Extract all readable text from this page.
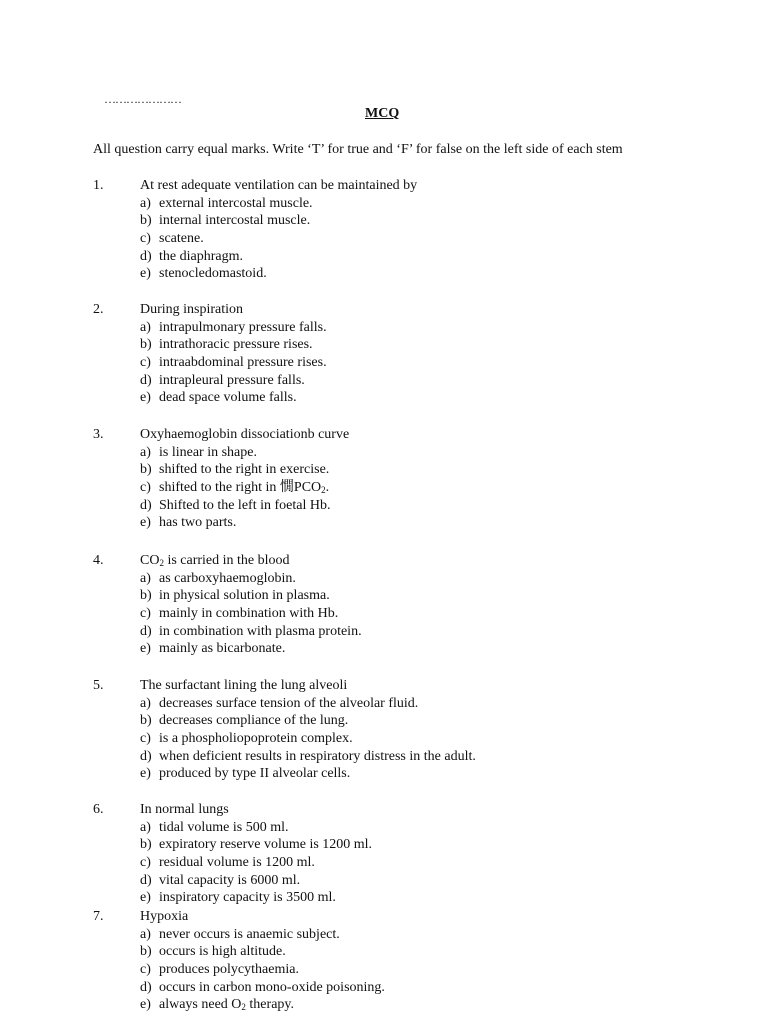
…………………
MCQ
All question carry equal marks. Write ‘T’ for true and ‘F’ for false on the left side of each stem
1.	At rest adequate ventilation can be maintained by
a) external intercostal muscle.
b) internal intercostal muscle.
c) scatene.
d) the diaphragm.
e) stenocledomastoid.
2.	During inspiration
a) intrapulmonary pressure falls.
b) intrathoracic pressure rises.
c) intraabdominal pressure rises.
d) intrapleural pressure falls.
e) dead space volume falls.
3.	Oxyhaemoglobin dissociationb curve
a) is linear in shape.
b) shifted to the right in exercise.
c) shifted to the right in 憪$PCO_2$.
d) Shifted to the left in foetal Hb.
e) has two parts.
4.	$CO_2$ is carried in the blood
a) as carboxyhaemoglobin.
b) in physical solution in plasma.
c) mainly in combination with Hb.
d) in combination with plasma protein.
e) mainly as bicarbonate.
5.	The surfactant lining the lung alveoli
a) decreases surface tension of the alveolar fluid.
b) decreases compliance of the lung.
c) is a phospholiopoprotein complex.
d) when deficient results in respiratory distress in the adult.
e) produced by type II alveolar cells.
6.	In normal lungs
a) tidal volume is 500 ml.
b) expiratory reserve volume is 1200 ml.
c) residual volume is 1200 ml.
d) vital capacity is 6000 ml.
e) inspiratory capacity is 3500 ml.
7.	Hypoxia
a) never occurs is anaemic subject.
b) occurs is high altitude.
c) produces polycythaemia.
d) occurs in carbon mono-oxide poisoning.
e) always need $O_2$ therapy.
